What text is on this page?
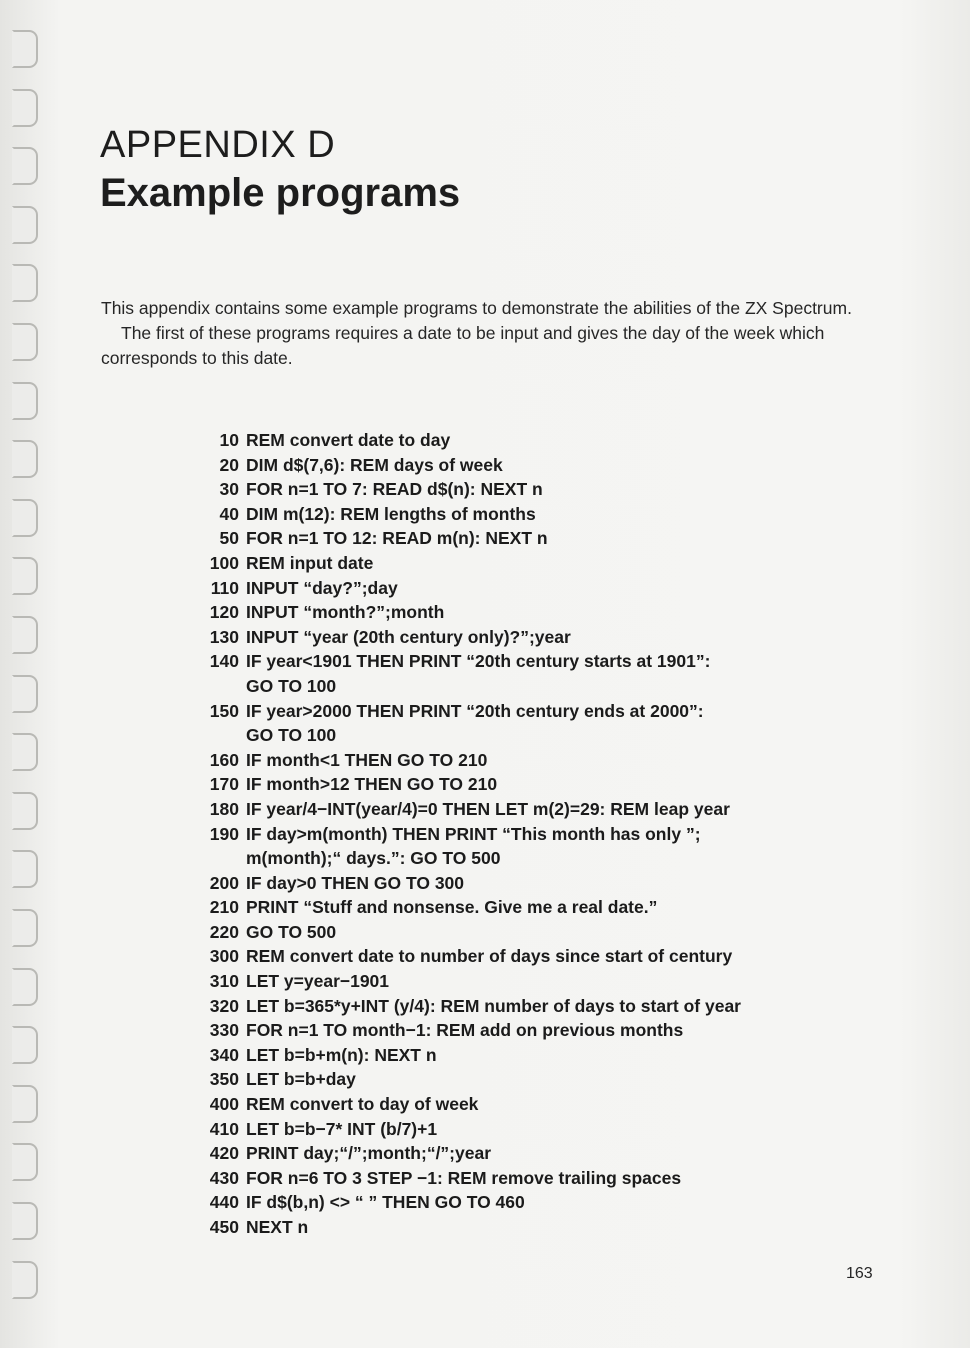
APPENDIX D
Example programs

This appendix contains some example programs to demonstrate the abilities of the ZX Spectrum.

The first of these programs requires a date to be input and gives the day of the week which corresponds to this date.

10 REM convert date to day
20 DIM d$(7,6): REM days of week
30 FOR n=1 TO 7: READ d$(n): NEXT n
40 DIM m(12): REM lengths of months
50 FOR n=1 TO 12: READ m(n): NEXT n
100 REM input date
110 INPUT “day?”;day
120 INPUT “month?”;month
130 INPUT “year (20th century only)?”;year
140 IF year<1901 THEN PRINT “20th century starts at 1901”:
GO TO 100
150 IF year>2000 THEN PRINT “20th century ends at 2000”:
GO TO 100
160 IF month<1 THEN GO TO 210
170 IF month>12 THEN GO TO 210
180 IF year/4−INT(year/4)=0 THEN LET m(2)=29: REM leap year
190 IF day>m(month) THEN PRINT “This month has only ”;
m(month);“ days.”: GO TO 500
200 IF day>0 THEN GO TO 300
210 PRINT “Stuff and nonsense. Give me a real date.”
220 GO TO 500
300 REM convert date to number of days since start of century
310 LET y=year−1901
320 LET b=365*y+INT (y/4): REM number of days to start of year
330 FOR n=1 TO month−1: REM add on previous months
340 LET b=b+m(n): NEXT n
350 LET b=b+day
400 REM convert to day of week
410 LET b=b−7* INT (b/7)+1
420 PRINT day;“/”;month;“/”;year
430 FOR n=6 TO 3 STEP −1: REM remove trailing spaces
440 IF d$(b,n) <> “ ” THEN GO TO 460
450 NEXT n
163
